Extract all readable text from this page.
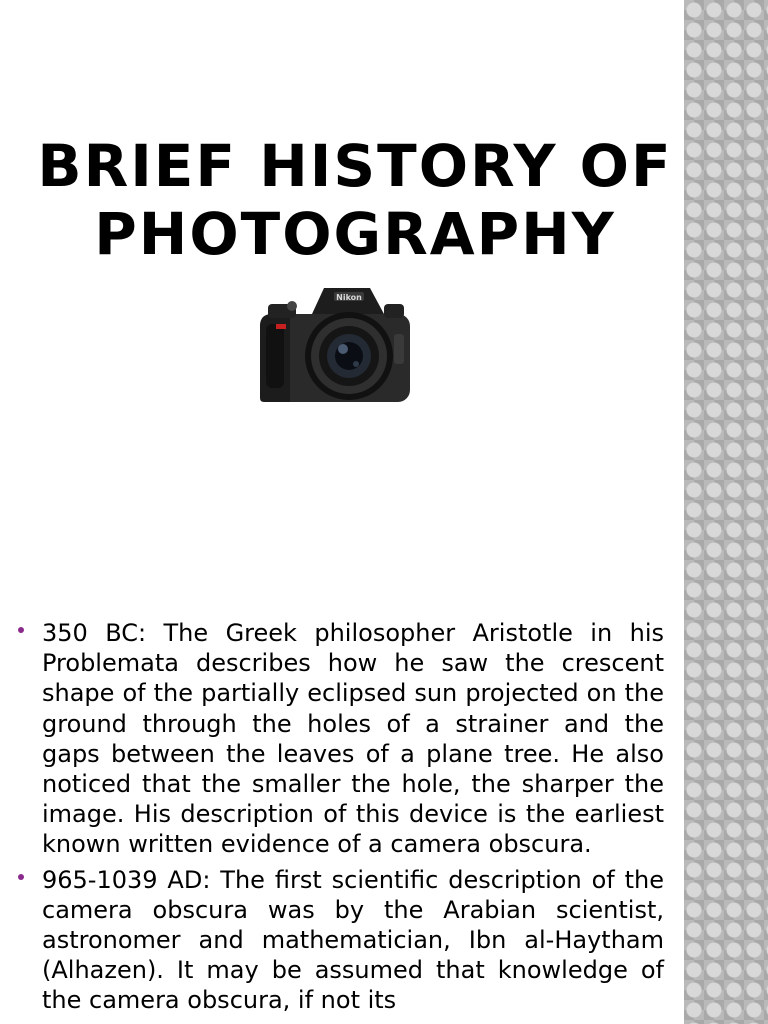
BRIEF HISTORY OF PHOTOGRAPHY
Nikon
350 BC: The Greek philosopher Aristotle in his Problemata describes how he saw the crescent shape of the partially eclipsed sun projected on the ground through the holes of a strainer and the gaps between the leaves of a plane tree. He also noticed that the smaller the hole, the sharper the image. His description of this device is the earliest known written evidence of a camera obscura.
965-1039 AD: The first scientific description of the camera obscura was by the Arabian scientist, astronomer and mathematician, Ibn al-Haytham (Alhazen). It may be assumed that knowledge of the camera obscura, if not its
